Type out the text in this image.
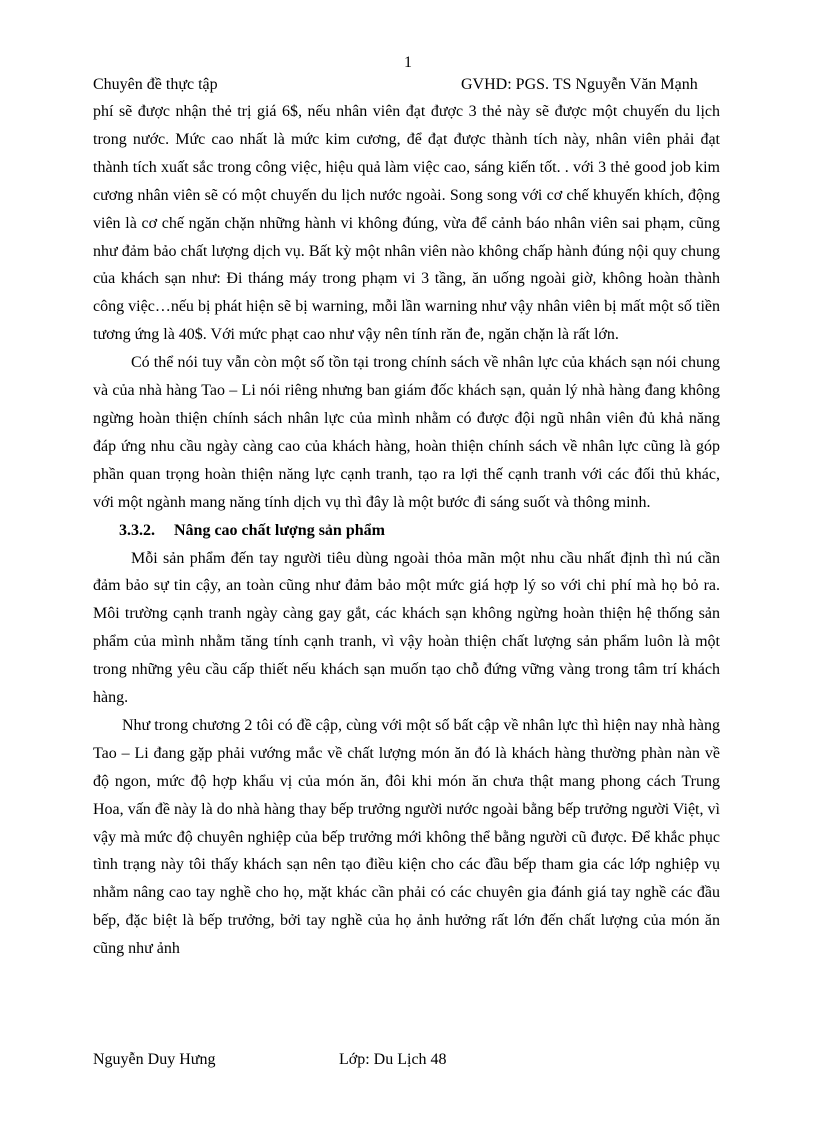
1
Chuyên đề thực tập	GVHD: PGS. TS Nguyễn Văn Mạnh

phí sẽ được nhận thẻ trị giá 6$, nếu nhân viên đạt được 3 thẻ này sẽ được một chuyến du lịch trong nước. Mức cao nhất là mức kim cương, để đạt được thành tích này, nhân viên phải đạt thành tích xuất sắc trong công việc, hiệu quả làm việc cao, sáng kiến tốt. . với 3 thẻ good job kim cương nhân viên sẽ có một chuyến du lịch nước ngoài. Song song với cơ chế khuyến khích, động viên là cơ chế ngăn chặn những hành vi không đúng, vừa để cảnh báo nhân viên sai phạm, cũng như đảm bảo chất lượng dịch vụ. Bất kỳ một nhân viên nào không chấp hành đúng nội quy chung của khách sạn như: Đi tháng máy trong phạm vi 3 tầng, ăn uống ngoài giờ, không hoàn thành công việc…nếu bị phát hiện sẽ bị warning, mỗi lần warning như vậy nhân viên bị mất một số tiền tương ứng là 40$. Với mức phạt cao như vậy nên tính răn đe, ngăn chặn là rất lớn.

Có thể nói tuy vẫn còn một số tồn tại trong chính sách về nhân lực của khách sạn nói chung và của nhà hàng Tao – Li nói riêng nhưng ban giám đốc khách sạn, quản lý nhà hàng đang không ngừng hoàn thiện chính sách nhân lực của mình nhằm có được đội ngũ nhân viên đủ khả năng đáp ứng nhu cầu ngày càng cao của khách hàng, hoàn thiện chính sách về nhân lực cũng là góp phần quan trọng hoàn thiện năng lực cạnh tranh, tạo ra lợi thế cạnh tranh với các đối thủ khác, với một ngành mang năng tính dịch vụ thì đây là một bước đi sáng suốt và thông minh.

3.3.2. Nâng cao chất lượng sản phẩm

Mỗi sản phẩm đến tay người tiêu dùng ngoài thỏa mãn một nhu cầu nhất định thì nú cần đảm bảo sự tin cậy, an toàn cũng như đảm bảo một mức giá hợp lý so với chi phí mà họ bỏ ra. Môi trường cạnh tranh ngày càng gay gắt, các khách sạn không ngừng hoàn thiện hệ thống sản phẩm của mình nhằm tăng tính cạnh tranh, vì vậy hoàn thiện chất lượng sản phẩm luôn là một trong những yêu cầu cấp thiết nếu khách sạn muốn tạo chỗ đứng vững vàng trong tâm trí khách hàng.

Như trong chương 2 tôi có đề cập, cùng với một số bất cập về nhân lực thì hiện nay nhà hàng Tao – Li đang gặp phải vướng mắc về chất lượng món ăn đó là khách hàng thường phàn nàn về độ ngon, mức độ hợp khẩu vị của món ăn, đôi khi món ăn chưa thật mang phong cách Trung Hoa, vấn đề này là do nhà hàng thay bếp trưởng người nước ngoài bằng bếp trưởng người Việt, vì vậy mà mức độ chuyên nghiệp của bếp trưởng mới không thể bằng người cũ được. Để khắc phục tình trạng này tôi thấy khách sạn nên tạo điều kiện cho các đầu bếp tham gia các lớp nghiệp vụ nhằm nâng cao tay nghề cho họ, mặt khác cần phải có các chuyên gia đánh giá tay nghề các đầu bếp, đặc biệt là bếp trưởng, bởi tay nghề của họ ảnh hưởng rất lớn đến chất lượng của món ăn cũng như ảnh

Nguyễn Duy Hưng	Lớp: Du Lịch 48
